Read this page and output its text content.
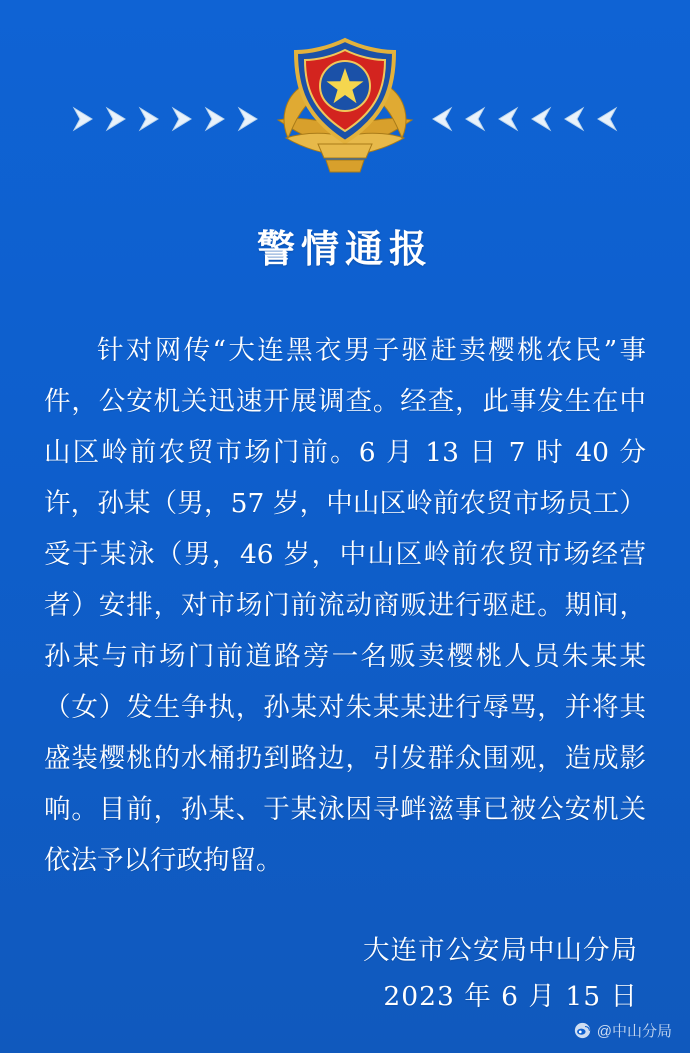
警情通报

针对网传“大连黑衣男子驱赶卖樱桃农民”事件，公安机关迅速开展调查。经查，此事发生在中山区岭前农贸市场门前。6 月 13 日 7 时 40 分许，孙某（男，57 岁，中山区岭前农贸市场员工）受于某泳（男，46 岁，中山区岭前农贸市场经营者）安排，对市场门前流动商贩进行驱赶。期间，孙某与市场门前道路旁一名贩卖樱桃人员朱某某（女）发生争执，孙某对朱某某进行辱骂，并将其盛装樱桃的水桶扔到路边，引发群众围观，造成影响。目前，孙某、于某泳因寻衅滋事已被公安机关依法予以行政拘留。

大连市公安局中山分局
2023 年 6 月 15 日
@中山分局
